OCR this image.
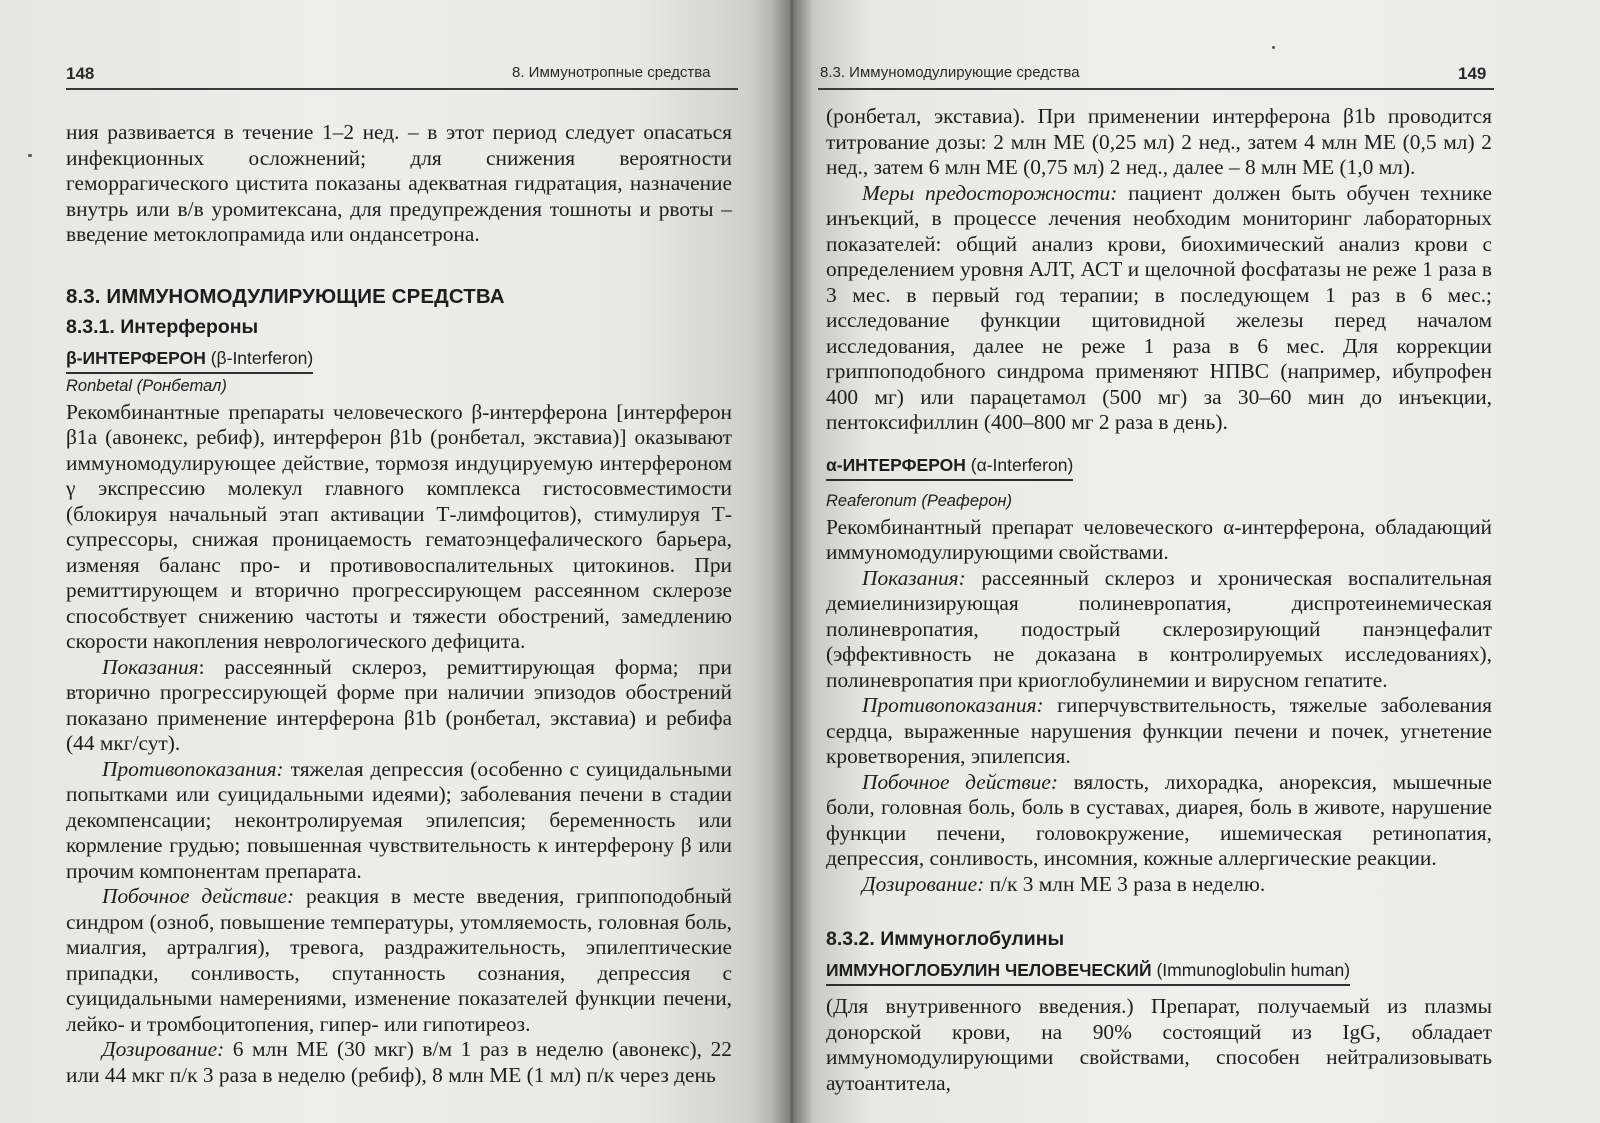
148	8. Иммунотропные средства

ния развивается в течение 1–2 нед. – в этот период следует опасаться инфекционных осложнений; для снижения вероятности геморрагического цистита показаны адекватная гидратация, назначение внутрь или в/в уромитексана, для предупреждения тошноты и рвоты – введение метоклопрамида или ондансетрона.

8.3. ИММУНОМОДУЛИРУЮЩИЕ СРЕДСТВА

8.3.1. Интерфероны

β-ИНТЕРФЕРОН (β-Interferon)

Ronbetal (Ронбетал)

Рекомбинантные препараты человеческого β-интерферона [интерферон β1a (авонекс, ребиф), интерферон β1b (ронбетал, экставиа)] оказывают иммуномодулирующее действие, тормозя индуцируемую интерфероном γ экспрессию молекул главного комплекса гистосовместимости (блокируя начальный этап активации Т-лимфоцитов), стимулируя Т-супрессоры, снижая проницаемость гематоэнцефалического барьера, изменяя баланс про- и противовоспалительных цитокинов. При ремиттирующем и вторично прогрессирующем рассеянном склерозе способствует снижению частоты и тяжести обострений, замедлению скорости накопления неврологического дефицита.

Показания: рассеянный склероз, ремиттирующая форма; при вторично прогрессирующей форме при наличии эпизодов обострений показано применение интерферона β1b (ронбетал, экставиа) и ребифа (44 мкг/сут).

Противопоказания: тяжелая депрессия (особенно с суицидальными попытками или суицидальными идеями); заболевания печени в стадии декомпенсации; неконтролируемая эпилепсия; беременность или кормление грудью; повышенная чувствительность к интерферону β или прочим компонентам препарата.

Побочное действие: реакция в месте введения, гриппоподобный синдром (озноб, повышение температуры, утомляемость, головная боль, миалгия, артралгия), тревога, раздражительность, эпилептические припадки, сонливость, спутанность сознания, депрессия с суицидальными намерениями, изменение показателей функции печени, лейко- и тромбоцитопения, гипер- или гипотиреоз.

Дозирование: 6 млн МЕ (30 мкг) в/м 1 раз в неделю (авонекс), 22 или 44 мкг п/к 3 раза в неделю (ребиф), 8 млн МЕ (1 мл) п/к через день

8.3. Иммуномодулирующие средства	149

(ронбетал, экставиа). При применении интерферона β1b проводится титрование дозы: 2 млн МЕ (0,25 мл) 2 нед., затем 4 млн МЕ (0,5 мл) 2 нед., затем 6 млн МЕ (0,75 мл) 2 нед., далее – 8 млн МЕ (1,0 мл).

Меры предосторожности: пациент должен быть обучен технике инъекций, в процессе лечения необходим мониторинг лабораторных показателей: общий анализ крови, биохимический анализ крови с определением уровня АЛТ, АСТ и щелочной фосфатазы не реже 1 раза в 3 мес. в первый год терапии; в последующем 1 раз в 6 мес.; исследование функции щитовидной железы перед началом исследования, далее не реже 1 раза в 6 мес. Для коррекции гриппоподобного синдрома применяют НПВС (например, ибупрофен 400 мг) или парацетамол (500 мг) за 30–60 мин до инъекции, пентоксифиллин (400–800 мг 2 раза в день).

α-ИНТЕРФЕРОН (α-Interferon)

Reaferonum (Реаферон)

Рекомбинантный препарат человеческого α-интерферона, обладающий иммуномодулирующими свойствами.

Показания: рассеянный склероз и хроническая воспалительная демиелинизирующая полиневропатия, диспротеинемическая полиневропатия, подострый склерозирующий панэнцефалит (эффективность не доказана в контролируемых исследованиях), полиневропатия при криоглобулинемии и вирусном гепатите.

Противопоказания: гиперчувствительность, тяжелые заболевания сердца, выраженные нарушения функции печени и почек, угнетение кроветворения, эпилепсия.

Побочное действие: вялость, лихорадка, анорексия, мышечные боли, головная боль, боль в суставах, диарея, боль в животе, нарушение функции печени, головокружение, ишемическая ретинопатия, депрессия, сонливость, инсомния, кожные аллергические реакции.

Дозирование: п/к 3 млн МЕ 3 раза в неделю.

8.3.2. Иммуноглобулины

ИММУНОГЛОБУЛИН ЧЕЛОВЕЧЕСКИЙ (Immunoglobulin human)

(Для внутривенного введения.) Препарат, получаемый из плазмы донорской крови, на 90% состоящий из IgG, обладает иммуномодулирующими свойствами, способен нейтрализовывать аутоантитела,
